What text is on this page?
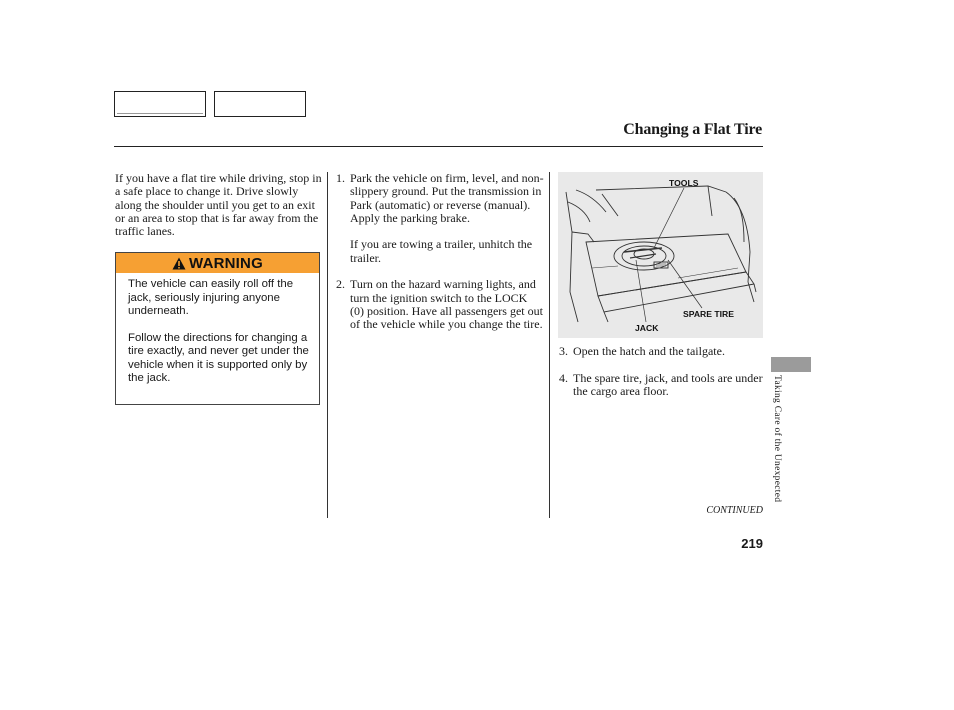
Changing a Flat Tire

If you have a flat tire while driving, stop in a safe place to change it. Drive slowly along the shoulder until you get to an exit or an area to stop that is far away from the traffic lanes.

WARNING

The vehicle can easily roll off the jack, seriously injuring anyone underneath.

Follow the directions for changing a tire exactly, and never get under the vehicle when it is supported only by the jack.

1. Park the vehicle on firm, level, and non-slippery ground. Put the transmission in Park (automatic) or reverse (manual). Apply the parking brake.

If you are towing a trailer, unhitch the trailer.

2. Turn on the hazard warning lights, and turn the ignition switch to the LOCK (0) position. Have all passengers get out of the vehicle while you change the tire.
TOOLS
SPARE TIRE
JACK
3. Open the hatch and the tailgate.
4. The spare tire, jack, and tools are under the cargo area floor.
CONTINUED
219
Taking Care of the Unexpected
